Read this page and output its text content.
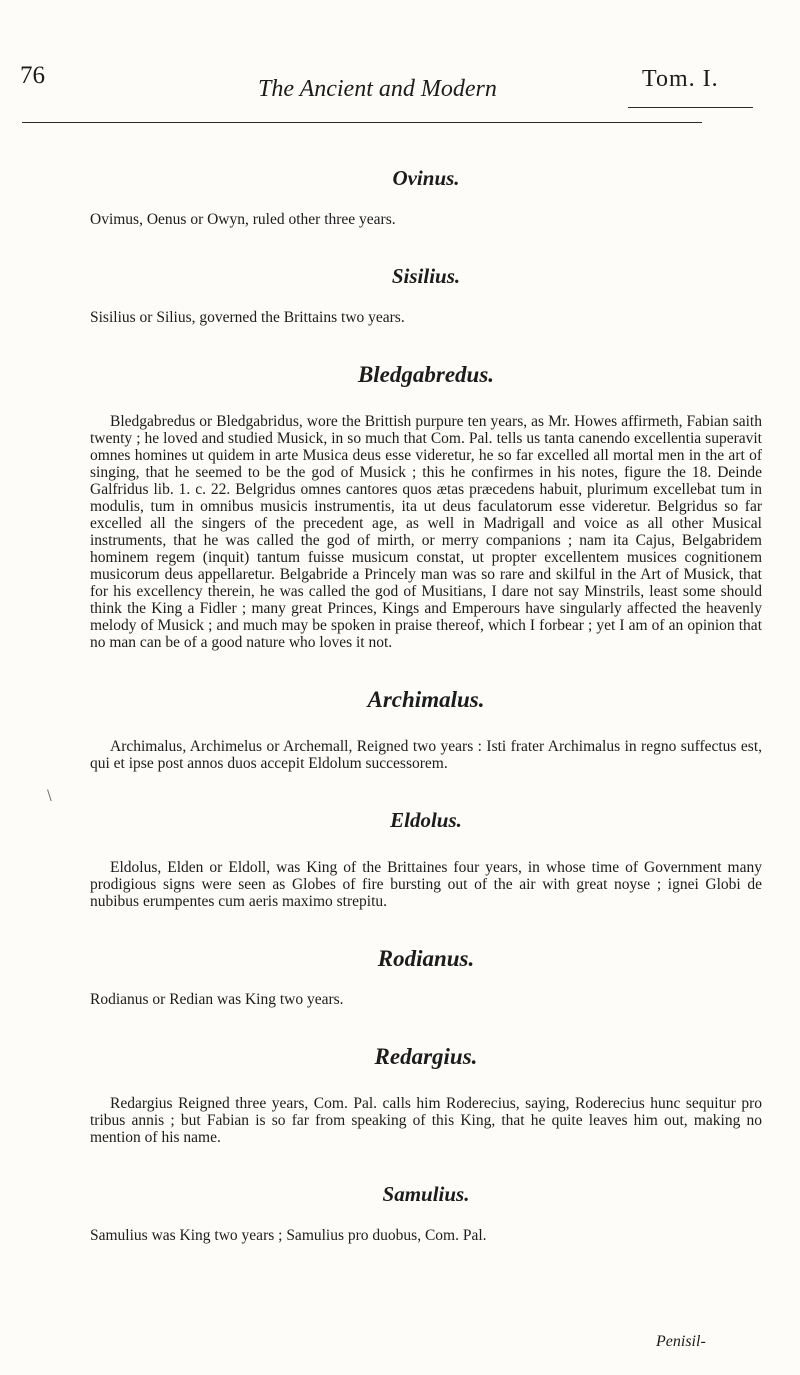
76	The Ancient and Modern	Tom. I.
Ovinus.

Ovimus, Oenus or Owyn, ruled other three years.

Sisilius.

Sisilius or Silius, governed the Brittains two years.

Bledgabredus.

Bledgabredus or Bledgabridus, wore the Brittish purpure ten years, as Mr. Howes affirmeth, Fabian saith twenty ; he loved and studied Musick, in so much that Com. Pal. tells us tanta canendo excellentia superavit omnes homines ut quidem in arte Musica deus esse videretur, he so far excelled all mortal men in the art of singing, that he seemed to be the god of Musick ; this he confirmes in his notes, figure the 18. Deinde Galfridus lib. 1. c. 22. Belgridus omnes cantores quos ætas præcedens habuit, plurimum excellebat tum in modulis, tum in omnibus musicis instrumentis, ita ut deus faculatorum esse videretur. Belgridus so far excelled all the singers of the precedent age, as well in Madrigall and voice as all other Musical instruments, that he was called the god of mirth, or merry companions ; nam ita Cajus, Belgabridem hominem regem (inquit) tantum fuisse musicum constat, ut propter excellentem musices cognitionem musicorum deus appellaretur. Belgabride a Princely man was so rare and skilful in the Art of Musick, that for his excellency therein, he was called the god of Musitians, I dare not say Minstrils, least some should think the King a Fidler ; many great Princes, Kings and Emperours have singularly affected the heavenly melody of Musick ; and much may be spoken in praise thereof, which I forbear ; yet I am of an opinion that no man can be of a good nature who loves it not.

Archimalus.

Archimalus, Archimelus or Archemall, Reigned two years : Isti frater Archimalus in regno suffectus est, qui et ipse post annos duos accepit Eldolum successorem.

Eldolus.

Eldolus, Elden or Eldoll, was King of the Brittaines four years, in whose time of Government many prodigious signs were seen as Globes of fire bursting out of the air with great noyse ; ignei Globi de nubibus erumpentes cum aeris maximo strepitu.

Rodianus.

Rodianus or Redian was King two years.

Redargius.

Redargius Reigned three years, Com. Pal. calls him Roderecius, saying, Roderecius hunc sequitur pro tribus annis ; but Fabian is so far from speaking of this King, that he quite leaves him out, making no mention of his name.

Samulius.

Samulius was King two years ; Samulius pro duobus, Com. Pal.

\
Penisil-
